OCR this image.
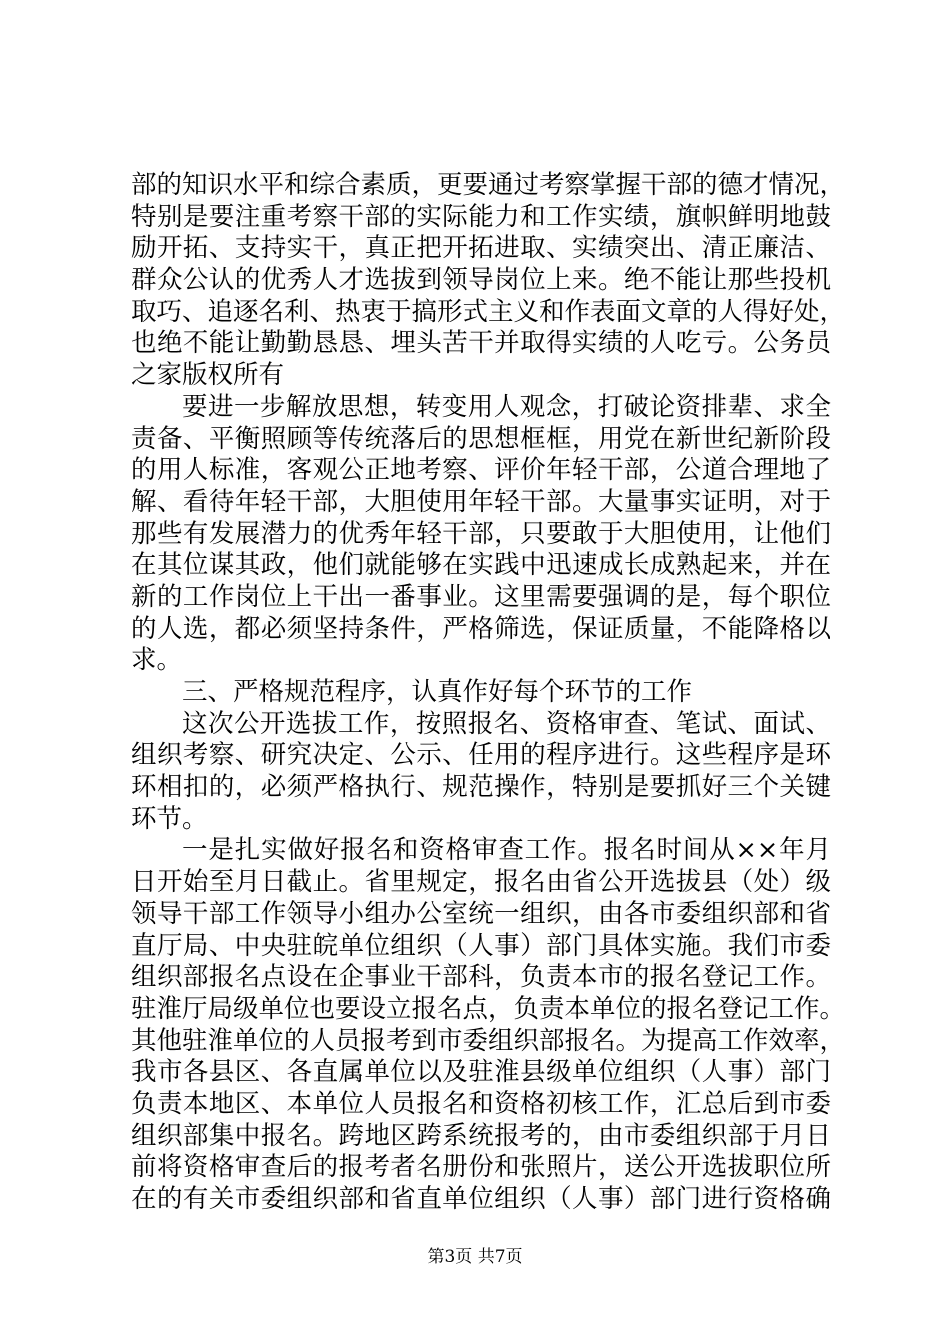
部的知识水平和综合素质，更要通过考察掌握干部的德才情况，
特别是要注重考察干部的实际能力和工作实绩，旗帜鲜明地鼓
励开拓、支持实干，真正把开拓进取、实绩突出、清正廉洁、
群众公认的优秀人才选拔到领导岗位上来。绝不能让那些投机
取巧、追逐名利、热衷于搞形式主义和作表面文章的人得好处，
也绝不能让勤勤恳恳、埋头苦干并取得实绩的人吃亏。公务员
之家版权所有
要进一步解放思想，转变用人观念，打破论资排辈、求全
责备、平衡照顾等传统落后的思想框框，用党在新世纪新阶段
的用人标准，客观公正地考察、评价年轻干部，公道合理地了
解、看待年轻干部，大胆使用年轻干部。大量事实证明，对于
那些有发展潜力的优秀年轻干部，只要敢于大胆使用，让他们
在其位谋其政，他们就能够在实践中迅速成长成熟起来，并在
新的工作岗位上干出一番事业。这里需要强调的是，每个职位
的人选，都必须坚持条件，严格筛选，保证质量，不能降格以
求。
三、严格规范程序，认真作好每个环节的工作
这次公开选拔工作，按照报名、资格审查、笔试、面试、
组织考察、研究决定、公示、任用的程序进行。这些程序是环
环相扣的，必须严格执行、规范操作，特别是要抓好三个关键
环节。
一是扎实做好报名和资格审查工作。报名时间从××年月
日开始至月日截止。省里规定，报名由省公开选拔县（处）级
领导干部工作领导小组办公室统一组织，由各市委组织部和省
直厅局、中央驻皖单位组织（人事）部门具体实施。我们市委
组织部报名点设在企事业干部科，负责本市的报名登记工作。
驻淮厅局级单位也要设立报名点，负责本单位的报名登记工作。
其他驻淮单位的人员报考到市委组织部报名。为提高工作效率，
我市各县区、各直属单位以及驻淮县级单位组织（人事）部门
负责本地区、本单位人员报名和资格初核工作，汇总后到市委
组织部集中报名。跨地区跨系统报考的，由市委组织部于月日
前将资格审查后的报考者名册份和张照片，送公开选拔职位所
在的有关市委组织部和省直单位组织（人事）部门进行资格确
第3页 共7页
